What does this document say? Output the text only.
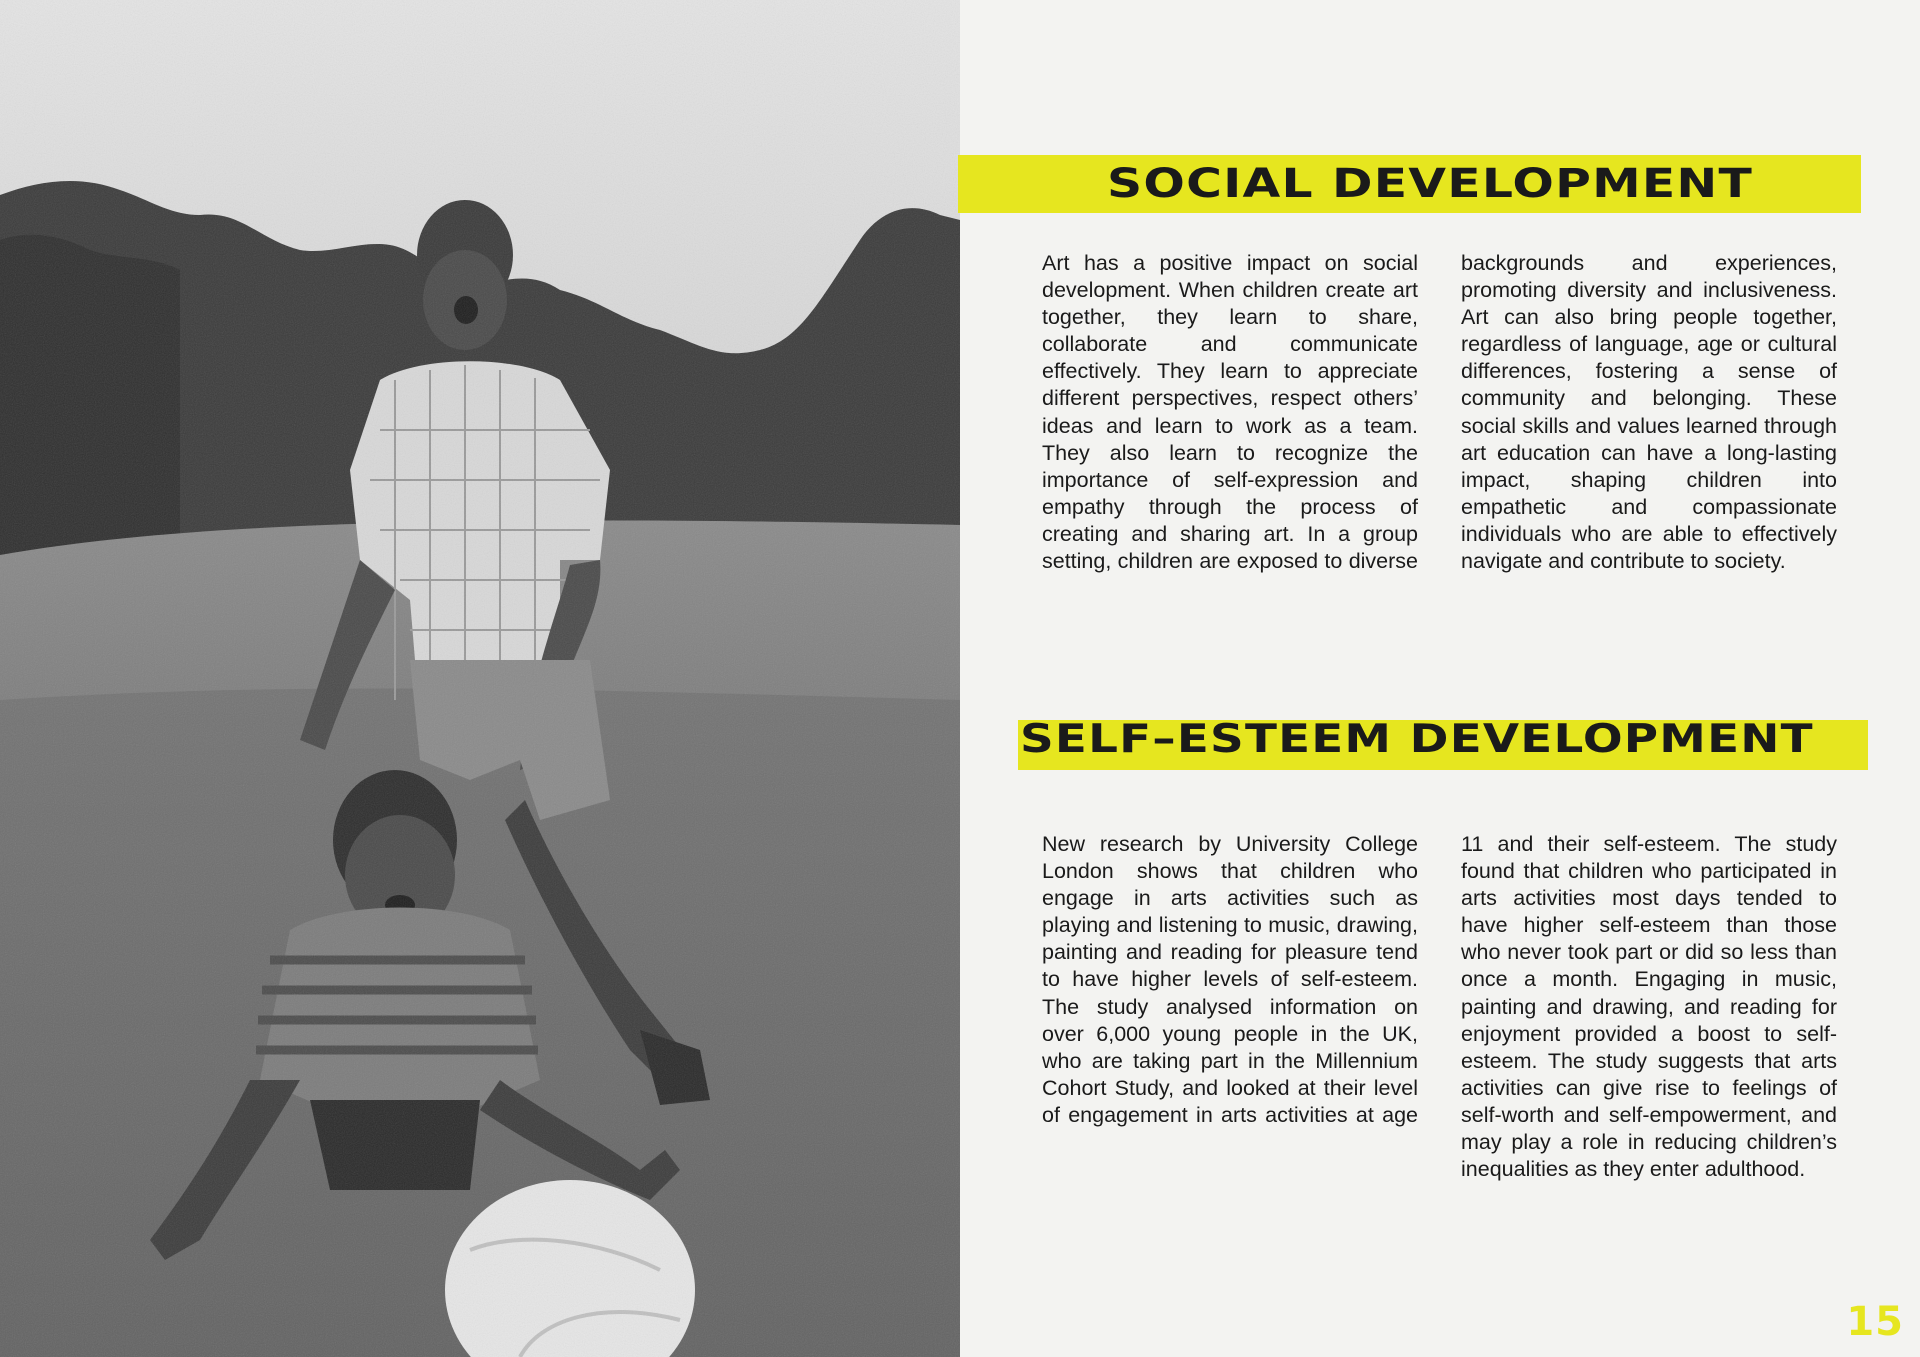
SOCIAL DEVELOPMENT

Art has a positive impact on social development. When children create art together, they learn to share, collaborate and communicate effectively. They learn to appreciate different perspectives, respect others’ ideas and learn to work as a team. They also learn to recognize the importance of self-expression and empathy through the process of creating and sharing art. In a group setting, children are exposed to diverse

backgrounds and experiences, promoting diversity and inclusiveness. Art can also bring people together, regardless of language, age or cultural differences, fostering a sense of community and belonging. These social skills and values learned through art education can have a long-lasting impact, shaping children into empathetic and compassionate individuals who are able to effectively navigate and contribute to society.

SELF–ESTEEM DEVELOPMENT

New research by University College London shows that children who engage in arts activities such as playing and listening to music, drawing, painting and reading for pleasure tend to have higher levels of self-esteem. The study analysed information on over 6,000 young people in the UK, who are taking part in the Millennium Cohort Study, and looked at their level of engagement in arts activities at age

11 and their self-esteem. The study found that children who participated in arts activities most days tended to have higher self-esteem than those who never took part or did so less than once a month. Engaging in music, painting and drawing, and reading for enjoyment provided a boost to self-esteem. The study suggests that arts activities can give rise to feelings of self-worth and self-empowerment, and may play a role in reducing children’s inequalities as they enter adulthood.

15
